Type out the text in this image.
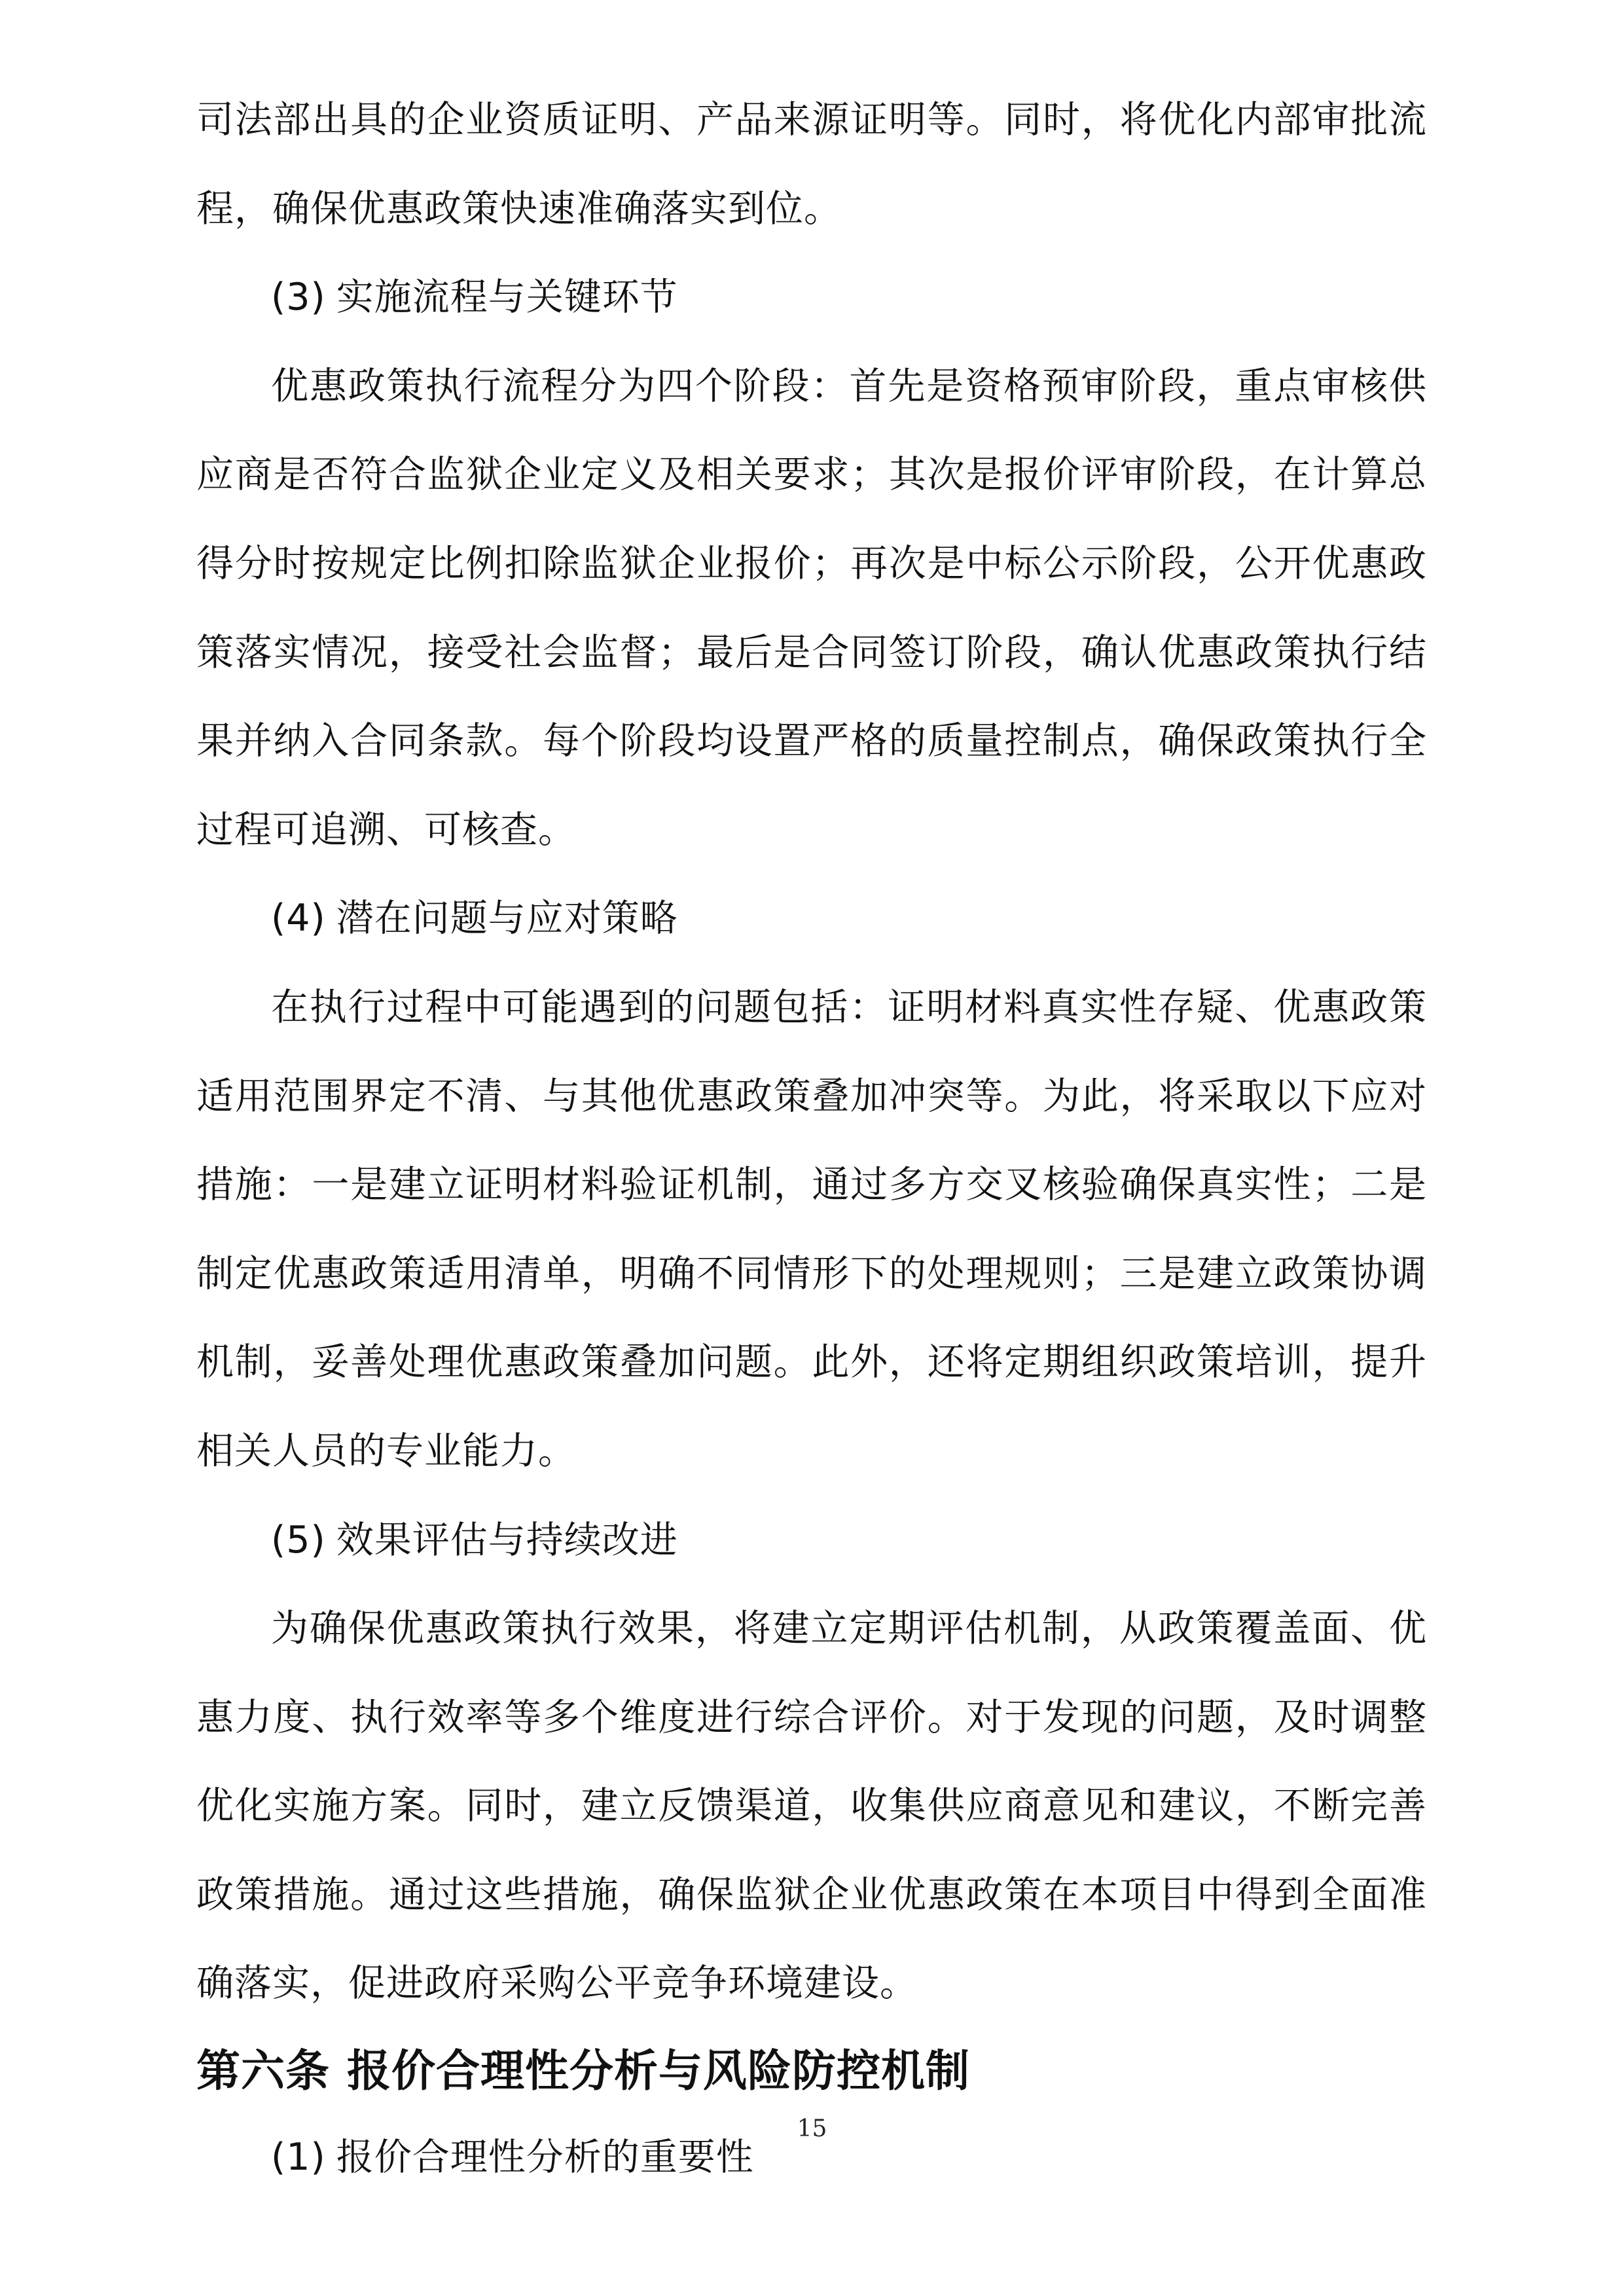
司法部出具的企业资质证明、产品来源证明等。同时，将优化内部审批流程，确保优惠政策快速准确落实到位。

(3) 实施流程与关键环节

优惠政策执行流程分为四个阶段：首先是资格预审阶段，重点审核供应商是否符合监狱企业定义及相关要求；其次是报价评审阶段，在计算总得分时按规定比例扣除监狱企业报价；再次是中标公示阶段，公开优惠政策落实情况，接受社会监督；最后是合同签订阶段，确认优惠政策执行结果并纳入合同条款。每个阶段均设置严格的质量控制点，确保政策执行全过程可追溯、可核查。

(4) 潜在问题与应对策略

在执行过程中可能遇到的问题包括：证明材料真实性存疑、优惠政策适用范围界定不清、与其他优惠政策叠加冲突等。为此，将采取以下应对措施：一是建立证明材料验证机制，通过多方交叉核验确保真实性；二是制定优惠政策适用清单，明确不同情形下的处理规则；三是建立政策协调机制，妥善处理优惠政策叠加问题。此外，还将定期组织政策培训，提升相关人员的专业能力。

(5) 效果评估与持续改进

为确保优惠政策执行效果，将建立定期评估机制，从政策覆盖面、优惠力度、执行效率等多个维度进行综合评价。对于发现的问题，及时调整优化实施方案。同时，建立反馈渠道，收集供应商意见和建议，不断完善政策措施。通过这些措施，确保监狱企业优惠政策在本项目中得到全面准确落实，促进政府采购公平竞争环境建设。

第六条 报价合理性分析与风险防控机制

(1) 报价合理性分析的重要性

15
